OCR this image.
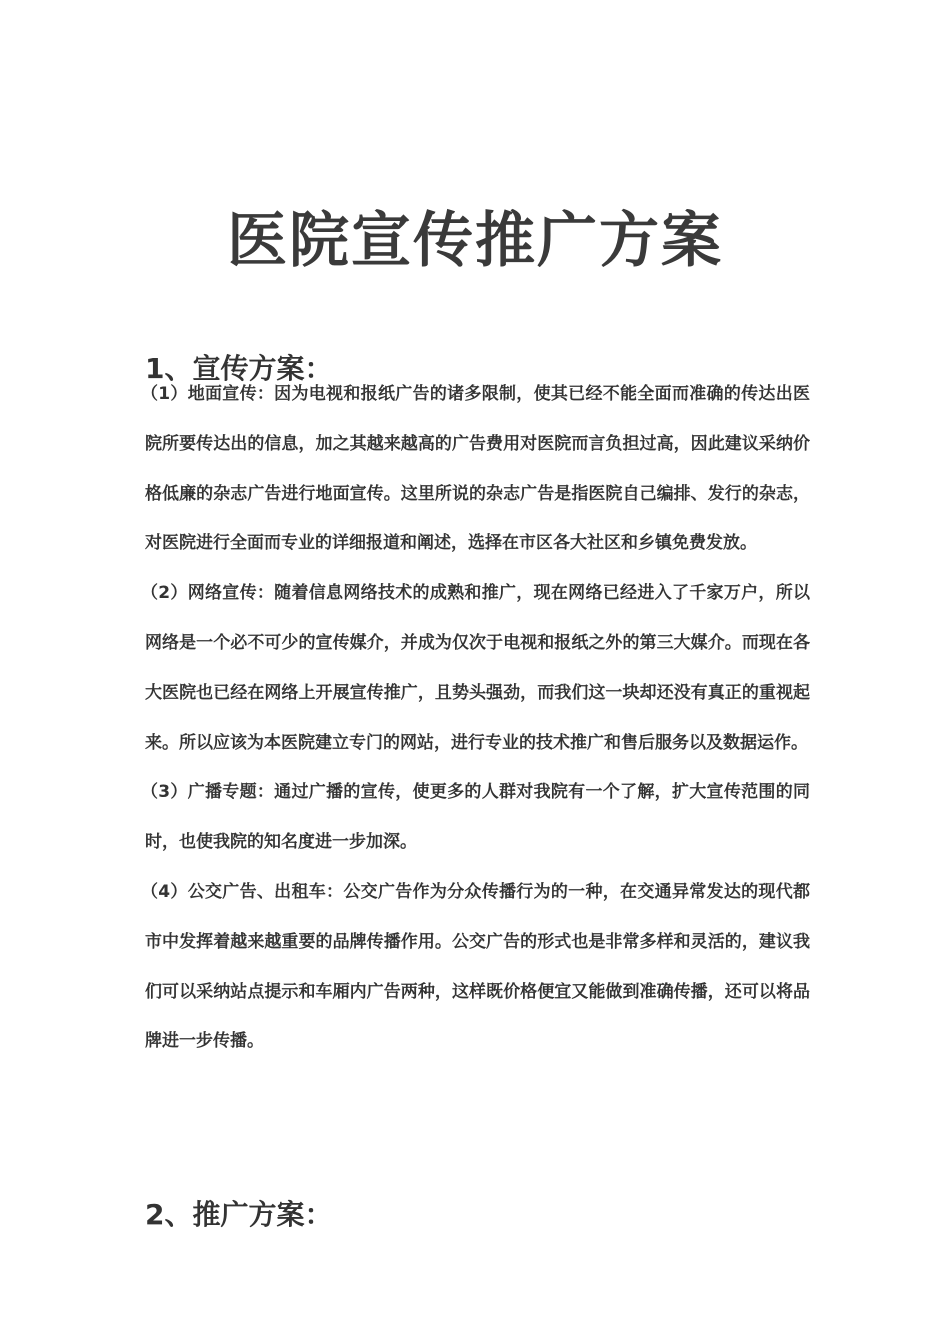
医院宣传推广方案
1、宣传方案：

（1）地面宣传：因为电视和报纸广告的诸多限制，使其已经不能全面而准确的传达出医院所要传达出的信息，加之其越来越高的广告费用对医院而言负担过高，因此建议采纳价格低廉的杂志广告进行地面宣传。这里所说的杂志广告是指医院自己编排、发行的杂志，对医院进行全面而专业的详细报道和阐述，选择在市区各大社区和乡镇免费发放。

（2）网络宣传：随着信息网络技术的成熟和推广，现在网络已经进入了千家万户，所以网络是一个必不可少的宣传媒介，并成为仅次于电视和报纸之外的第三大媒介。而现在各大医院也已经在网络上开展宣传推广，且势头强劲，而我们这一块却还没有真正的重视起来。所以应该为本医院建立专门的网站，进行专业的技术推广和售后服务以及数据运作。

（3）广播专题：通过广播的宣传，使更多的人群对我院有一个了解，扩大宣传范围的同时，也使我院的知名度进一步加深。

（4）公交广告、出租车：公交广告作为分众传播行为的一种，在交通异常发达的现代都市中发挥着越来越重要的品牌传播作用。公交广告的形式也是非常多样和灵活的，建议我们可以采纳站点提示和车厢内广告两种，这样既价格便宜又能做到准确传播，还可以将品牌进一步传播。

2、推广方案：
